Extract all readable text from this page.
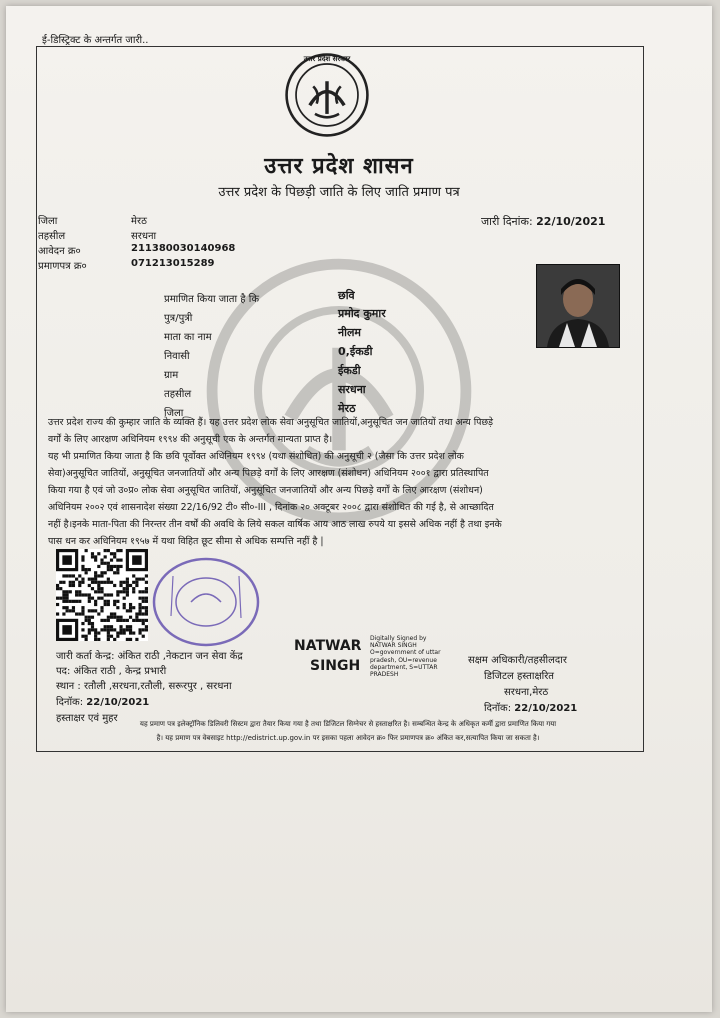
ई-डिस्ट्रिक्ट के अन्तर्गत जारी..
उत्तर प्रदेश सरकार
उत्तर प्रदेश शासन
उत्तर प्रदेश के पिछड़ी जाति के लिए जाति प्रमाण पत्र
जिला	मेरठ
तहसील	सरधना
आवेदन क्र०	211380030140968
प्रमाणपत्र क्र०	071213015289
जारी दिनांक: 22/10/2021
प्रमाणित किया जाता है कि	छवि
पुत्र/पुत्री	प्रमोद कुमार
माता का नाम	नीलम
निवासी	0,ईकडी
ग्राम	ईकडी
तहसील	सरधना
जिला	मेरठ
उत्तर प्रदेश राज्य की कुम्हार जाति के व्यक्ति हैं। यह उत्तर प्रदेश लोक सेवा अनुसूचित जातियों,अनुसूचित जन जातियों तथा अन्य पिछड़े
वर्गों के लिए आरक्षण अधिनियम १९९४ की अनुसूची एक के अन्तर्गत मान्यता प्राप्त है।
यह भी प्रमाणित किया जाता है कि छवि पूर्वोक्त अधिनियम १९९४ (यथा संशोधित) की अनुसूची २ (जैसा कि उत्तर प्रदेश लोक
सेवा)अनुसूचित जातियों, अनुसूचित जनजातियों और अन्य पिछड़े वर्गों के लिए आरक्षण (संशोधन) अधिनियम २००१ द्वारा प्रतिस्थापित
किया गया है एवं जो उ०प्र० लोक सेवा अनुसूचित जातियों, अनुसूचित जनजातियों और अन्य पिछड़े वर्गों के लिए आरक्षण (संशोधन)
अधिनियम २००२ एवं शासनादेश संख्या 22/16/92 टी० सी०-III , दिनांक २० अक्टूबर २००८ द्वारा संशोधित की गई है, से आच्छादित
नहीं है।इनके माता-पिता की निरन्तर तीन वर्षों की अवधि के लिये सकल वार्षिक आय आठ लाख रुपये या इससे अधिक नहीं है तथा इनके
पास धन कर अधिनियम १९५७ में यथा विहित छूट सीमा से अधिक सम्पत्ति नहीं है |
जारी कर्ता केन्द्र: अंकित राठी ,नेकटान जन सेवा केंद्र
पद: अंकित राठी , केन्द्र प्रभारी
स्थान : रतौली ,सरधना,रतौली, सरूरपुर , सरधना
दिनॉक: 22/10/2021
हस्ताक्षर एवं मुहर
NATWAR
SINGH
Digitally Signed by
NATWAR SINGH
O=government of uttar
pradesh, OU=revenue
department, S=UTTAR
PRADESH
सक्षम अधिकारी/तहसीलदार
डिजिटल हस्ताक्षरित
सरधना,मेरठ
दिनॉक: 22/10/2021
यह प्रमाण पत्र इलेक्ट्रॉनिक डिलिवरी सिस्टम द्वारा तैयार किया गया है तथा डिजिटल सिग्नेचर से हस्ताक्षरित है। सम्बन्धित केन्द्र के अधिकृत कर्मी द्वारा प्रमाणित किया गया
है। यह प्रमाण पत्र वेबसाइट http://edistrict.up.gov.in पर इसका पहला आवेदन क्र० फिर प्रमाणपत्र क्र० अंकित कर,सत्यापित किया जा सकता है।
